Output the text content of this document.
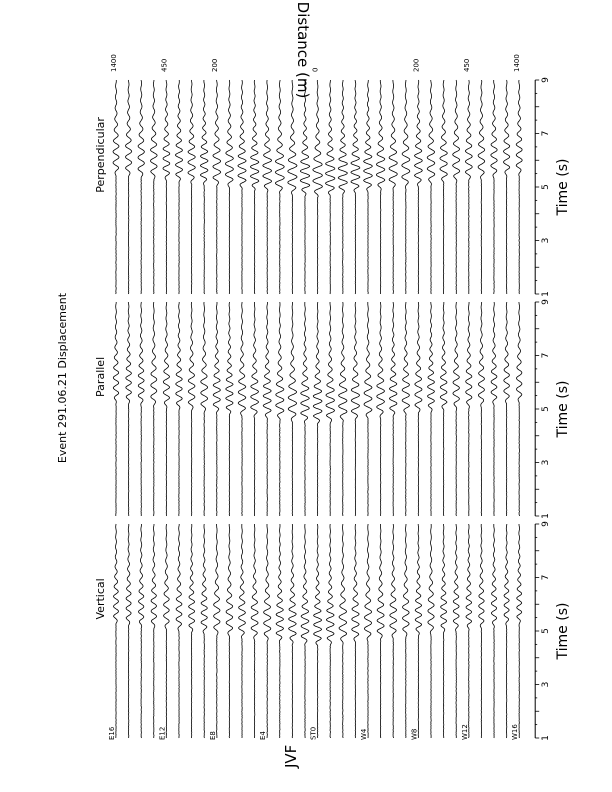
Event 291.06.21 Displacement
JVF
Distance (m)
Vertical
1
3
5
7
9
Time (s)
Parallel
1
3
5
7
9
Time (s)
Perpendicular
1
3
5
7
9
Time (s)
E16	E12	E8	E4	ST0	W4	W8	W12	W16
1400	450	200	0	200	450	1400
